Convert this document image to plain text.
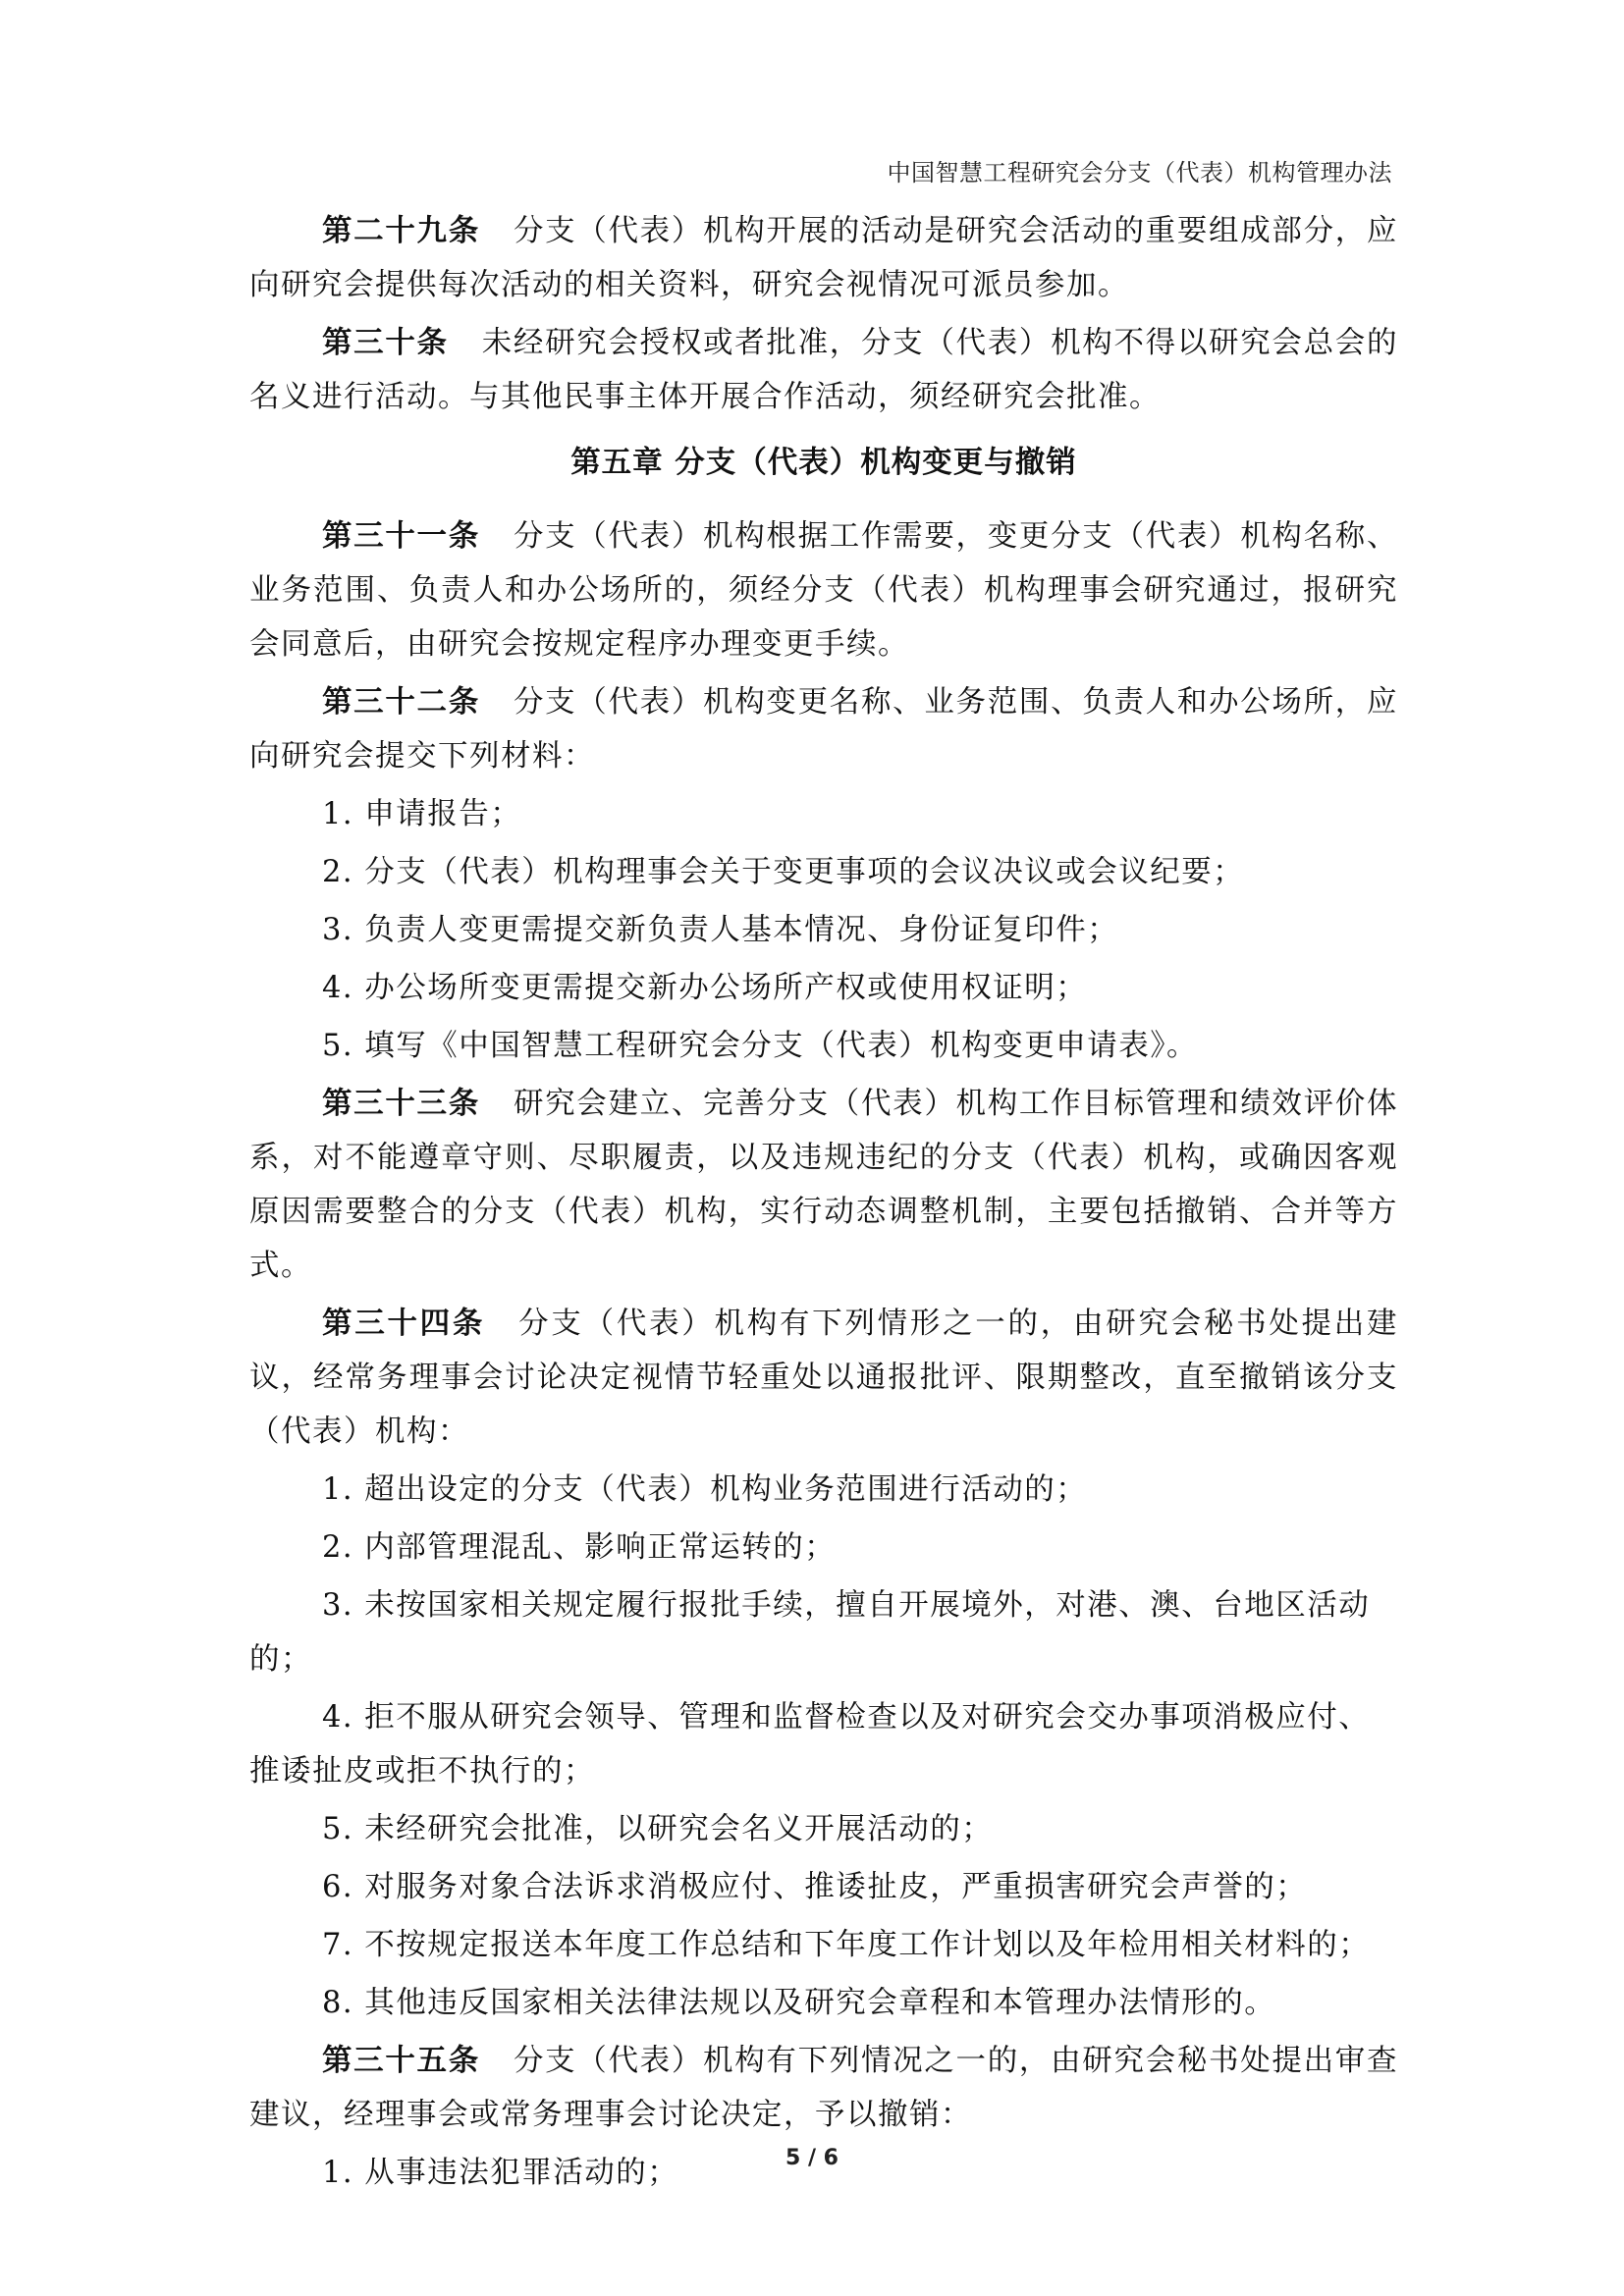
中国智慧工程研究会分支（代表）机构管理办法

第二十九条 分支（代表）机构开展的活动是研究会活动的重要组成部分，应向研究会提供每次活动的相关资料，研究会视情况可派员参加。

第三十条 未经研究会授权或者批准，分支（代表）机构不得以研究会总会的名义进行活动。与其他民事主体开展合作活动，须经研究会批准。

第五章 分支（代表）机构变更与撤销

第三十一条 分支（代表）机构根据工作需要，变更分支（代表）机构名称、业务范围、负责人和办公场所的，须经分支（代表）机构理事会研究通过，报研究会同意后，由研究会按规定程序办理变更手续。

第三十二条 分支（代表）机构变更名称、业务范围、负责人和办公场所，应向研究会提交下列材料：

1. 申请报告；

2. 分支（代表）机构理事会关于变更事项的会议决议或会议纪要；

3. 负责人变更需提交新负责人基本情况、身份证复印件；

4. 办公场所变更需提交新办公场所产权或使用权证明；

5. 填写《中国智慧工程研究会分支（代表）机构变更申请表》。

第三十三条 研究会建立、完善分支（代表）机构工作目标管理和绩效评价体系，对不能遵章守则、尽职履责，以及违规违纪的分支（代表）机构，或确因客观原因需要整合的分支（代表）机构，实行动态调整机制，主要包括撤销、合并等方式。

第三十四条 分支（代表）机构有下列情形之一的，由研究会秘书处提出建议，经常务理事会讨论决定视情节轻重处以通报批评、限期整改，直至撤销该分支（代表）机构：

1. 超出设定的分支（代表）机构业务范围进行活动的；

2. 内部管理混乱、影响正常运转的；

3. 未按国家相关规定履行报批手续，擅自开展境外，对港、澳、台地区活动的；

4. 拒不服从研究会领导、管理和监督检查以及对研究会交办事项消极应付、推诿扯皮或拒不执行的；

5. 未经研究会批准，以研究会名义开展活动的；

6. 对服务对象合法诉求消极应付、推诿扯皮，严重损害研究会声誉的；

7. 不按规定报送本年度工作总结和下年度工作计划以及年检用相关材料的；

8. 其他违反国家相关法律法规以及研究会章程和本管理办法情形的。

第三十五条 分支（代表）机构有下列情况之一的，由研究会秘书处提出审查建议，经理事会或常务理事会讨论决定，予以撤销：

1. 从事违法犯罪活动的；	5 / 6
